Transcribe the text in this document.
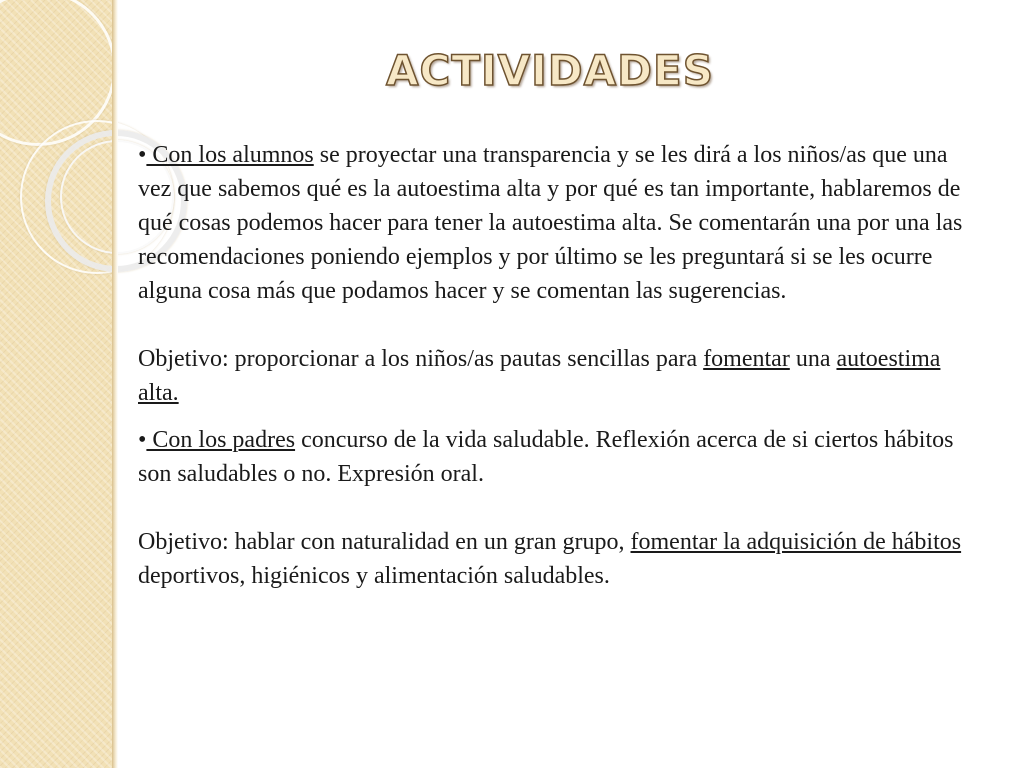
ACTIVIDADES

• Con los alumnos se proyectar una transparencia y se les dirá a los niños/as que una vez que sabemos qué es la autoestima alta y por qué es tan importante, hablaremos de qué cosas podemos hacer para tener la autoestima alta. Se comentarán una por una las recomendaciones poniendo ejemplos y por último se les preguntará si se les ocurre alguna cosa más que podamos hacer y se comentan las sugerencias.

Objetivo: proporcionar a los niños/as pautas sencillas para fomentar una autoestima alta.

• Con los padres concurso de la vida saludable. Reflexión acerca de si ciertos hábitos son saludables o no. Expresión oral.

Objetivo: hablar con naturalidad en un gran grupo, fomentar la adquisición de hábitos deportivos, higiénicos y alimentación saludables.
